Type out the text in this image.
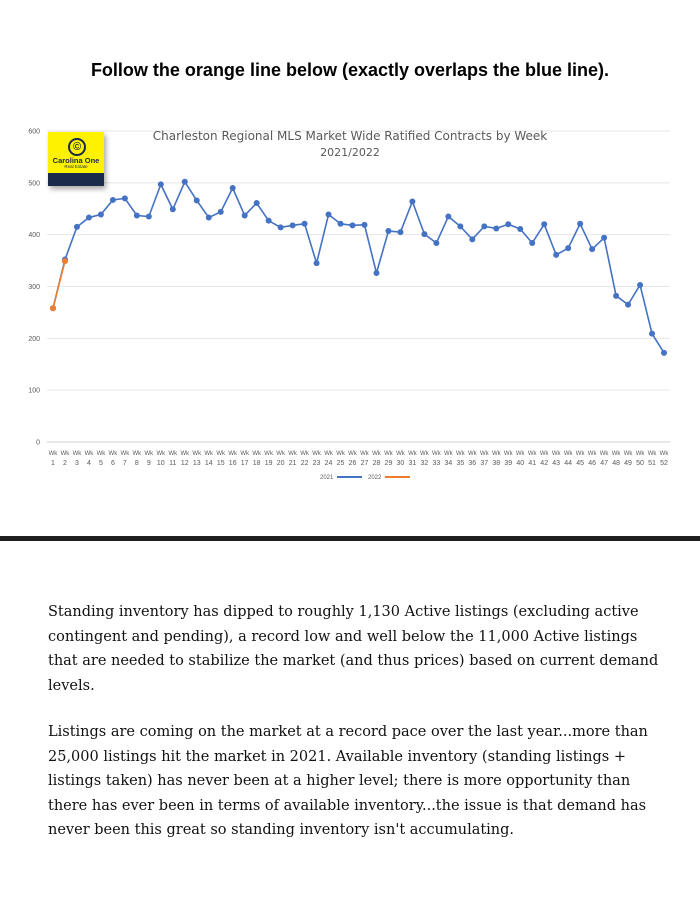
Follow the orange line below (exactly overlaps the blue line).
0
100
200
300
400
500
600	Charleston Regional MLS Market Wide Ratified Contracts by Week
2021/2022
Wk
1
Wk
2
Wk
3
Wk
4
Wk
5
Wk
6
Wk
7
Wk
8
Wk
9
Wk
10
Wk
11
Wk
12
Wk
13
Wk
14
Wk
15
Wk
16
Wk
17
Wk
18
Wk
19
Wk
20
Wk
21
Wk
22
Wk
23
Wk
24
Wk
25
Wk
26
Wk
27
Wk
28
Wk
29
Wk
30
Wk
31
Wk
32
Wk
33
Wk
34
Wk
35
Wk
36
Wk
37
Wk
38
Wk
39
Wk
40
Wk
41
Wk
42
Wk
43
Wk
44
Wk
45
Wk
46
Wk
47
Wk
48
Wk
49
Wk
50
Wk
51
Wk
52
2021	2022
©
Carolina One
Real Estate

Standing inventory has dipped to roughly 1,130 Active listings (excluding active contingent and pending), a record low and well below the 11,000 Active listings that are needed to stabilize the market (and thus prices) based on current demand levels.

Listings are coming on the market at a record pace over the last year...more than 25,000 listings hit the market in 2021. Available inventory (standing listings + listings taken) has never been at a higher level; there is more opportunity than there has ever been in terms of available inventory...the issue is that demand has never been this great so standing inventory isn't accumulating.
